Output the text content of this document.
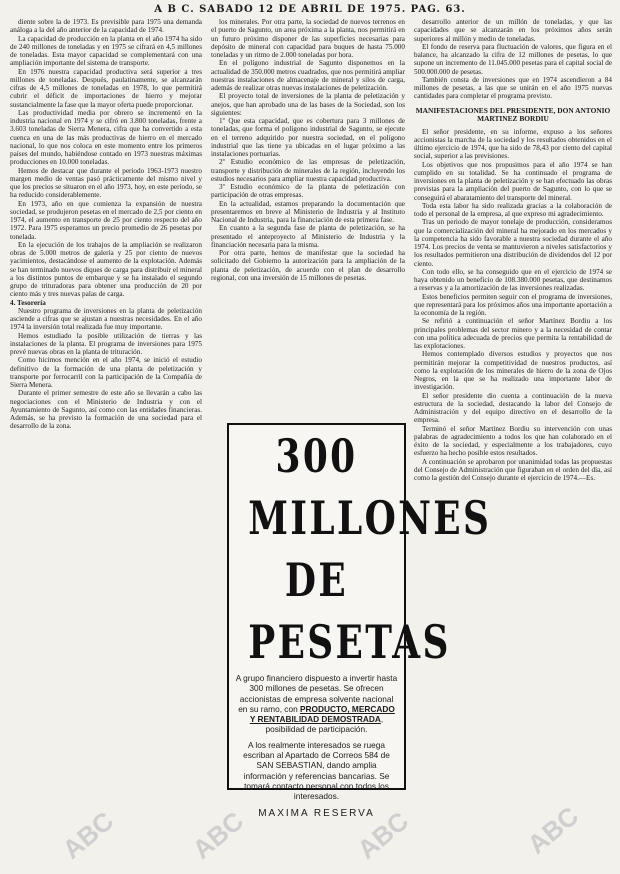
A B C. SABADO 12 DE ABRIL DE 1975. PAG. 63.

diente sobre la de 1973. Es previsible para 1975 una demanda análoga a la del año anterior de la capacidad de 1974.

La capacidad de producción en la planta en el año 1974 ha sido de 240 millones de toneladas y en 1975 se cifrará en 4,5 millones de toneladas. Esta mayor capacidad se complementará con una ampliación importante del sistema de transporte.

En 1976 nuestra capacidad productiva será superior a tres millones de toneladas. Después, paulatinamente, se alcanzarán cifras de 4,5 millones de toneladas en 1978, lo que permitirá cubrir el déficit de importaciones de hierro y mejorar sustancialmente la fase que la mayor oferta puede proporcionar.

Las productividad media por obrero se incrementó en la industria nacional en 1974 y se cifró en 3.800 toneladas, frente a 3.603 toneladas de Sierra Menera, cifra que ha convertido a esta cuenca en una de las más productivas de hierro en el mercado nacional, lo que nos coloca en este momento entre los primeros países del mundo, habiéndose contado en 1973 nuestras máximas producciones en 10.000 toneladas.

Hemos de destacar que durante el periodo 1963-1973 nuestro margen medio de ventas pasó prácticamente del mismo nivel y que los precios se situaron en el año 1973, hoy, en este período, se ha reducido considerablemente.

En 1973, año en que comienza la expansión de nuestra sociedad, se produjeron pesetas en el mercado de 2,5 por ciento en 1974, el aumento en transporte de 25 por ciento respecto del año 1972. Para 1975 esperamos un precio promedio de 26 pesetas por tonelada.

En la ejecución de los trabajos de la ampliación se realizaron obras de 5.000 metros de galería y 25 por ciento de nuevos yacimientos, destacándose el aumento de la explotación. Además se han terminado nuevos diques de carga para distribuir el mineral a los distintos puntos de embarque y se ha instalado el segundo grupo de trituradoras para obtener una producción de 20 por ciento más y tres nuevas palas de carga.

4. Tesorería

Nuestro programa de inversiones en la planta de peletización asciende a cifras que se ajustan a nuestras necesidades. En el año 1974 la inversión total realizada fue muy importante.

Hemos estudiado la posible utilización de tierras y las instalaciones de la planta. El programa de inversiones para 1975 prevé nuevas obras en la planta de trituración.

Como hicimos mención en el año 1974, se inició el estudio definitivo de la formación de una planta de peletización y transporte por ferrocarril con la participación de la Compañía de Sierra Menera.

Durante el primer semestre de este año se llevarán a cabo las negociaciones con el Ministerio de Industria y con el Ayuntamiento de Sagunto, así como con las entidades financieras. Además, se ha previsto la formación de una sociedad para el desarrollo de la zona.

los minerales. Por otra parte, la sociedad de nuevos terrenos en el puerto de Sagunto, un area próxima a la planta, nos permitirá en un futuro próximo disponer de las superficies necesarias para depósito de mineral con capacidad para buques de hasta 75.000 toneladas y un ritmo de 2.000 toneladas por hora.

En el polígono industrial de Sagunto disponemos en la actualidad de 350.000 metros cuadrados, que nos permitirá ampliar nuestras instalaciones de almacenaje de mineral y silos de carga, además de realizar otras nuevas instalaciones de peletización.

El proyecto total de inversiones de la planta de peletización y anejos, que han aprobado una de las bases de la Sociedad, son los siguientes:

1º Que esta capacidad, que es cobertura para 3 millones de toneladas, que forma el polígono industrial de Sagunto, se ejecute en el terreno adquirido por nuestra sociedad, en el polígono industrial que las tiene ya ubicadas en el lugar próximo a las instalaciones portuarias.

2º Estudio económico de las empresas de peletización, transporte y distribución de minerales de la región, incluyendo los estudios necesarios para ampliar nuestra capacidad productiva.

3º Estudio económico de la planta de peletización con participación de otras empresas.

En la actualidad, estamos preparando la documentación que presentaremos en breve al Ministerio de Industria y al Instituto Nacional de Industria, para la financiación de esta primera fase.

En cuanto a la segunda fase de planta de peletización, se ha presentado el anteproyecto al Ministerio de Industria y la financiación necesaria para la misma.

Por otra parte, hemos de manifestar que la sociedad ha solicitado del Gobierno la autorización para la ampliación de la planta de peletización, de acuerdo con el plan de desarrollo regional, con una inversión de 15 millones de pesetas.

300
MILLONES
DE
PESETAS

A grupo financiero dispuesto a invertir hasta 300 millones de pesetas. Se ofrecen accionistas de empresa solvente nacional en su ramo, con PRODUCTO, MERCADO Y RENTABILIDAD DEMOSTRADA, posibilidad de participación.

A los realmente interesados se ruega escriban al Apartado de Correos 584 de SAN SEBASTIAN, dando amplia información y referencias bancarias. Se tomará contacto personal con todos los interesados.

MAXIMA RESERVA

desarrollo anterior de un millón de toneladas, y que las capacidades que se alcanzarán en los próximos años serán superiores al millón y medio de toneladas.

El fondo de reserva para fluctuación de valores, que figura en el balance, ha alcanzado la cifra de 12 millones de pesetas, lo que supone un incremento de 11.045.000 pesetas para el capital social de 500.000.000 de pesetas.

También consta de inversiones que en 1974 ascendieron a 84 millones de pesetas, a las que se unirán en el año 1975 nuevas cantidades para completar el programa previsto.

MANIFESTACIONES DEL PRESIDENTE, DON ANTONIO MARTINEZ BORDIU

El señor presidente, en su informe, expuso a los señores accionistas la marcha de la sociedad y los resultados obtenidos en el último ejercicio de 1974, que ha sido de 78,43 por ciento del capital social, superior a las previsiones.

Los objetivos que nos propusimos para el año 1974 se han cumplido en su totalidad. Se ha continuado el programa de inversiones en la planta de peletización y se han efectuado las obras previstas para la ampliación del puerto de Sagunto, con lo que se conseguirá el abaratamiento del transporte del mineral.

Toda esta labor ha sido realizada gracias a la colaboración de todo el personal de la empresa, al que expreso mi agradecimiento.

Tras un periodo de mayor tonelaje de producción, consideramos que la comercialización del mineral ha mejorado en los mercados y la competencia ha sido favorable a nuestra sociedad durante el año 1974. Los precios de venta se mantuvieron a niveles satisfactorios y los resultados permitieron una distribución de dividendos del 12 por ciento.

Con todo ello, se ha conseguido que en el ejercicio de 1974 se haya obtenido un beneficio de 108.380.000 pesetas, que destinamos a reservas y a la amortización de las inversiones realizadas.

Estos beneficios permiten seguir con el programa de inversiones, que representará para los próximos años una importante aportación a la economía de la región.

Se refirió a continuación el señor Martínez Bordiu a los principales problemas del sector minero y a la necesidad de contar con una política adecuada de precios que permita la rentabilidad de las explotaciones.

Hemos contemplado diversos estudios y proyectos que nos permitirán mejorar la competitividad de nuestros productos, así como la explotación de los minerales de hierro de la zona de Ojos Negros, en la que se ha realizado una importante labor de investigación.

El señor presidente dio cuenta a continuación de la nueva estructura de la sociedad, destacando la labor del Consejo de Administración y del equipo directivo en el desarrollo de la empresa.

Terminó el señor Martínez Bordiu su intervención con unas palabras de agradecimiento a todos los que han colaborado en el éxito de la sociedad, y especialmente a los trabajadores, cuyo esfuerzo ha hecho posible estos resultados.

A continuación se aprobaron por unanimidad todas las propuestas del Consejo de Administración que figuraban en el orden del día, así como la gestión del Consejo durante el ejercicio de 1974.—Es.

ABC	ABC	ABC
ABC
